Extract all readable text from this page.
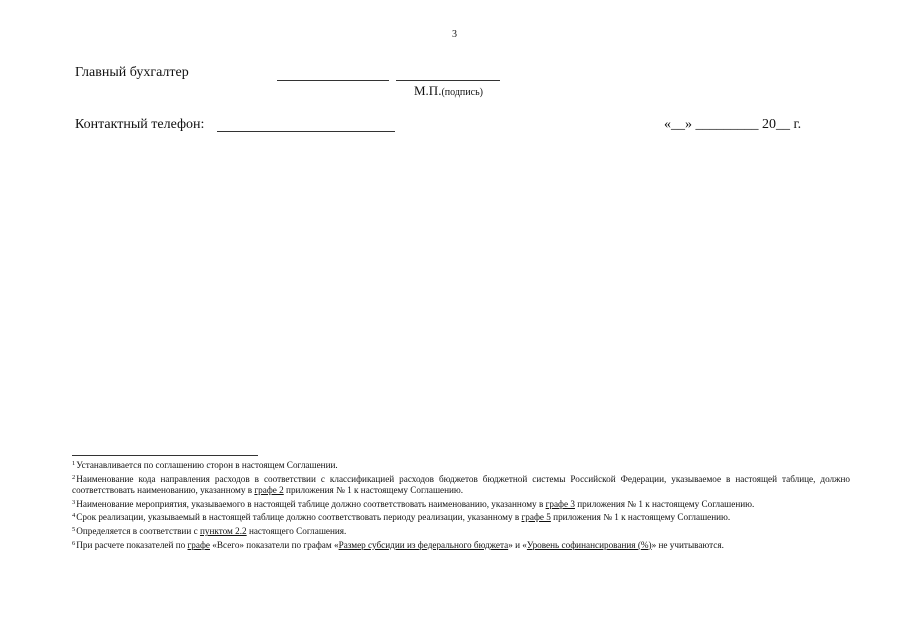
3
Главный бухгалтер
М.П.(подпись)
Контактный телефон:	«__» _________ 20__ г.

$^1$Устанавливается по соглашению сторон в настоящем Соглашении.

$^2$Наименование кода направления расходов в соответствии с классификацией расходов бюджетов бюджетной системы Российской Федерации, указываемое в настоящей таблице, должно соответствовать наименованию, указанному в графе 2 приложения № 1 к настоящему Соглашению.

$^3$Наименование мероприятия, указываемого в настоящей таблице должно соответствовать наименованию, указанному в графе 3 приложения № 1 к настоящему Соглашению.

$^4$Срок реализации, указываемый в настоящей таблице должно соответствовать периоду реализации, указанному в графе 5 приложения № 1 к настоящему Соглашению.

$^5$Определяется в соответствии с пунктом 2.2 настоящего Соглашения.

$^6$При расчете показателей по графе «Всего» показатели по графам «Размер субсидии из федерального бюджета» и «Уровень софинансирования (%)» не учитываются.
